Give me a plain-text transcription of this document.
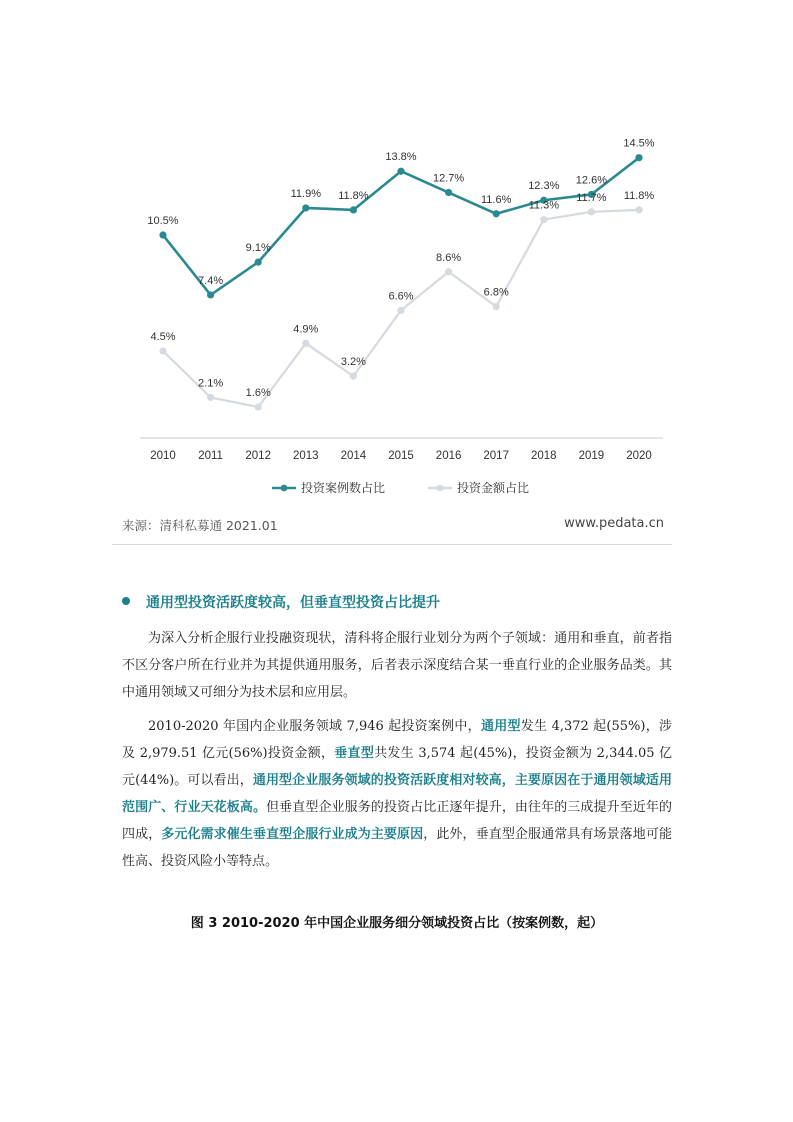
2010 2011 2012 2013 2014 2015 2016 2017 2018 2019 2020
4.5%
2.1%
1.6%
4.9%
3.2%
6.6%
8.6%
6.8%
11.3%
11.7% 11.8%
10.5%
7.4%
9.1%
11.9% 11.8%
13.8%
12.7%
11.6%
12.3% 12.6%
14.5%
投资案例数占比	投资金额占比
来源：清科私募通 2021.01	www.pedata.cn
通用型投资活跃度较高，但垂直型投资占比提升

为深入分析企服行业投融资现状，清科将企服行业划分为两个子领域：通用和垂直，前者指不区分客户所在行业并为其提供通用服务，后者表示深度结合某一垂直行业的企业服务品类。其中通用领域又可细分为技术层和应用层。

2010-2020 年国内企业服务领域 7,946 起投资案例中，通用型发生 4,372 起(55%)，涉及 2,979.51 亿元(56%)投资金额，垂直型共发生 3,574 起(45%)，投资金额为 2,344.05 亿元(44%)。可以看出，通用型企业服务领域的投资活跃度相对较高，主要原因在于通用领域适用范围广、行业天花板高。但垂直型企业服务的投资占比正逐年提升，由往年的三成提升至近年的四成，多元化需求催生垂直型企服行业成为主要原因，此外，垂直型企服通常具有场景落地可能性高、投资风险小等特点。

图 3 2010-2020 年中国企业服务细分领域投资占比（按案例数，起）
